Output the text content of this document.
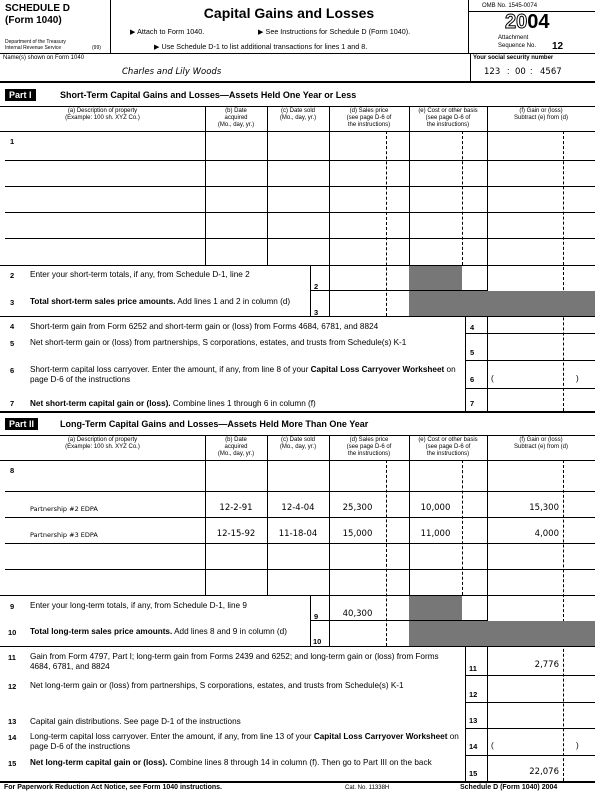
SCHEDULE D
(Form 1040)
Department of the Treasury
Internal Revenue Service	(99)
Capital Gains and Losses
▶ Attach to Form 1040.	▶ See Instructions for Schedule D (Form 1040).
▶ Use Schedule D-1 to list additional transactions for lines 1 and 8.
OMB No. 1545-0074
2004
Attachment
Sequence No. 12
Name(s) shown on Form 1040
Charles and Lily Woods
Your social security number
123 : 00 : 4567
Part I	Short-Term Capital Gains and Losses—Assets Held One Year or Less
(a) Description of property
(Example: 100 sh. XYZ Co.)
(b) Date
acquired
(Mo., day, yr.)
(c) Date sold
(Mo., day, yr.)
(d) Sales price
(see page D-6 of
the instructions)
(e) Cost or other basis
(see page D-6 of
the instructions)
(f) Gain or (loss)
Subtract (e) from (d)
1
2 Enter your short-term totals, if any, from Schedule D-1, line 2
2
3 Total short-term sales price amounts. Add lines 1 and 2 in column (d)
3
4 Short-term gain from Form 6252 and short-term gain or (loss) from Forms 4684, 6781, and 8824	4
5 Net short-term gain or (loss) from partnerships, S corporations, estates, and trusts from Schedule(s) K-1
5
6 Short-term capital loss carryover. Enter the amount, if any, from line 8 of your Capital Loss Carryover Worksheet on page D-6 of the instructions	6 (	)
7 Net short-term capital gain or (loss). Combine lines 1 through 6 in column (f)	7
Part II	Long-Term Capital Gains and Losses—Assets Held More Than One Year
(a) Description of property
(Example: 100 sh. XYZ Co.)
(b) Date
acquired
(Mo., day, yr.)
(c) Date sold
(Mo., day, yr.)
(d) Sales price
(see page D-6 of
the instructions)
(e) Cost or other basis
(see page D-6 of
the instructions)
(f) Gain or (loss)
Subtract (e) from (d)
8
Partnership #2 EDPA	12-2-91	12-4-04	25,300	10,000	15,300
Partnership #3 EDPA	12-15-92	11-18-04	15,000	11,000	4,000
9 Enter your long-term totals, if any, from Schedule D-1, line 9
9	40,300
10 Total long-term sales price amounts. Add lines 8 and 9 in column (d)
10
11 Gain from Form 4797, Part I; long-term gain from Forms 2439 and 6252; and long-term gain or (loss) from Forms 4684, 6781, and 8824	11	2,776
12 Net long-term gain or (loss) from partnerships, S corporations, estates, and trusts from Schedule(s) K-1
12
13 Capital gain distributions. See page D-1 of the instructions	13
14 Long-term capital loss carryover. Enter the amount, if any, from line 13 of your Capital Loss Carryover Worksheet on page D-6 of the instructions	14 (	)
15 Net long-term capital gain or (loss). Combine lines 8 through 14 in column (f). Then go to Part III on the back
15	22,076
For Paperwork Reduction Act Notice, see Form 1040 instructions.	Cat. No. 11338H	Schedule D (Form 1040) 2004
